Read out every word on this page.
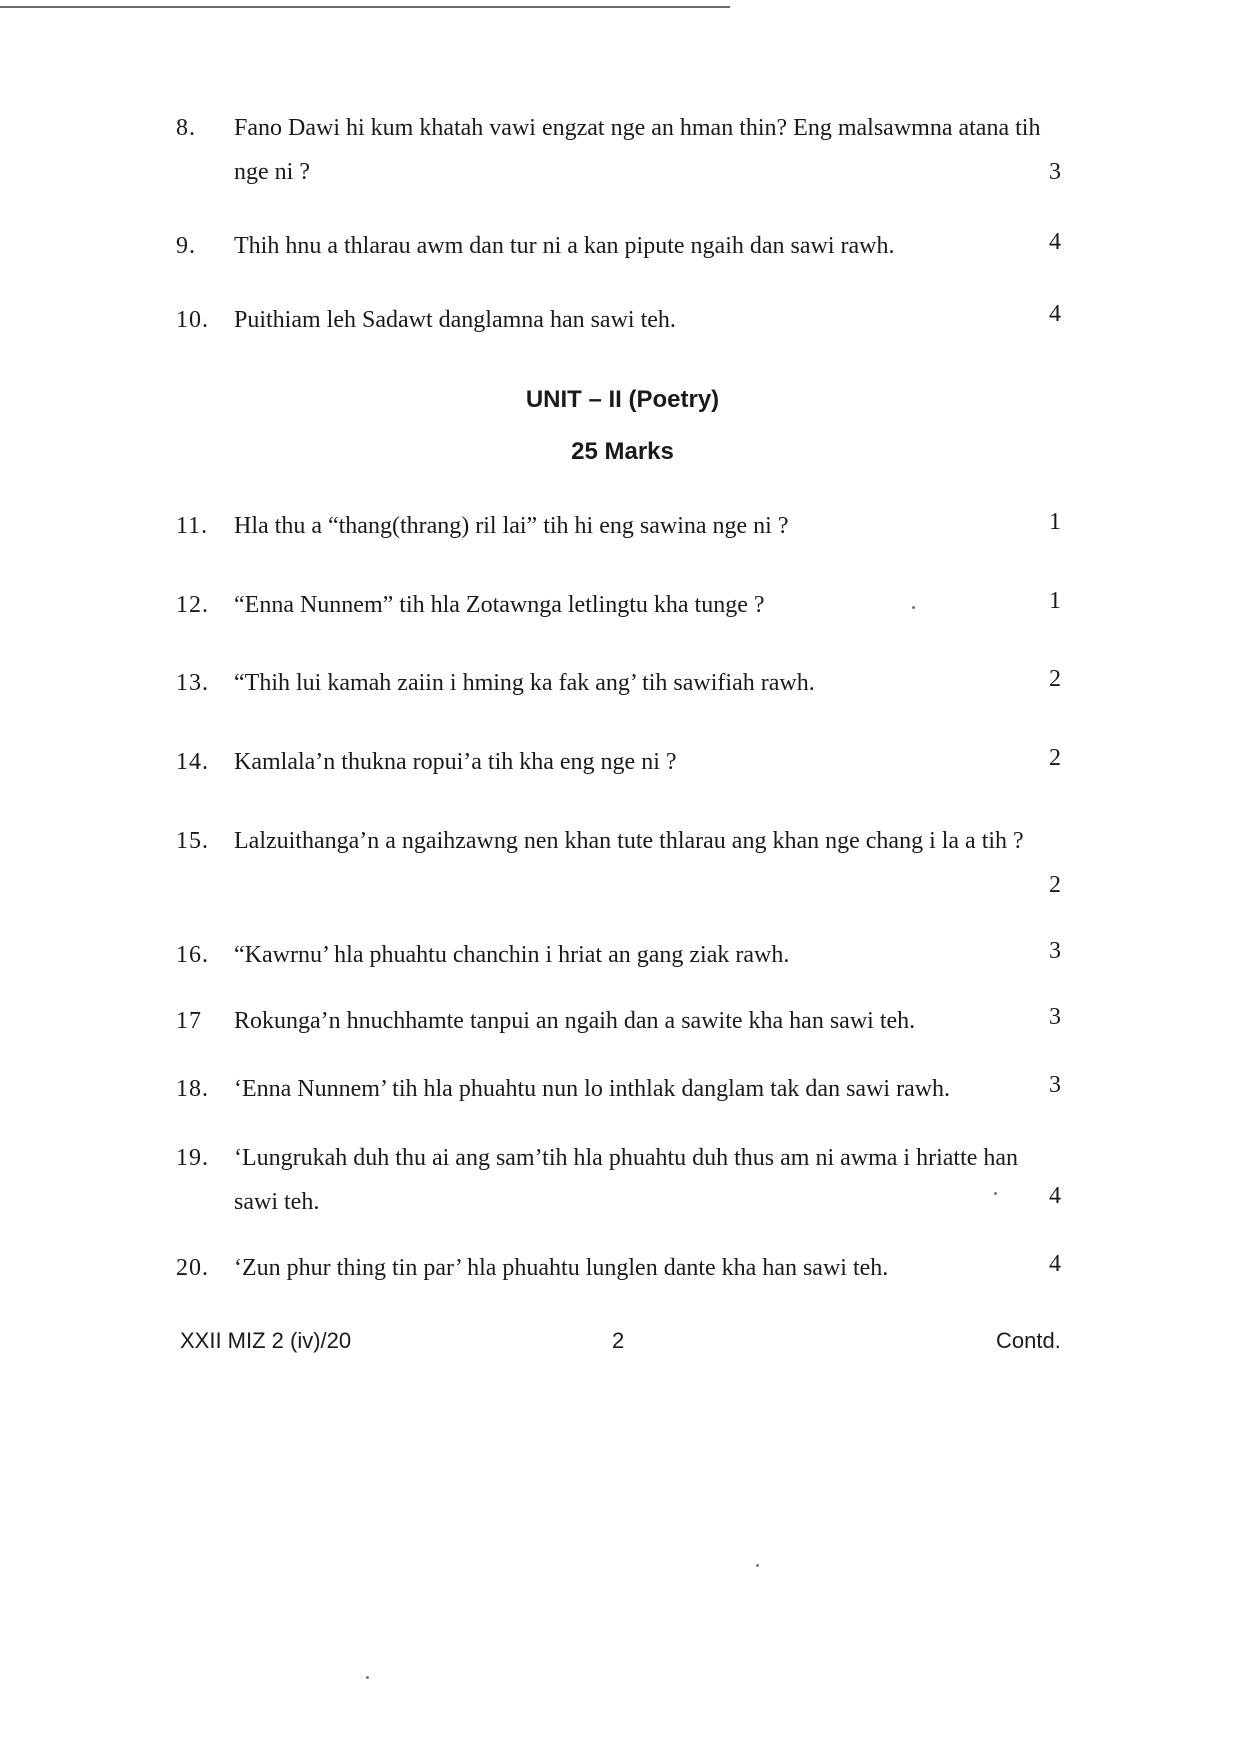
8. Fano Dawi hi kum khatah vawi engzat nge an hman thin? Eng malsawmna atana tih
nge ni ?	3
9. Thih hnu a thlarau awm dan tur ni a kan pipute ngaih dan sawi rawh.	4
10. Puithiam leh Sadawt danglamna han sawi teh.	4
UNIT – II (Poetry)
25 Marks
11. Hla thu a “thang(thrang) ril lai” tih hi eng sawina nge ni ?	1
12. “Enna Nunnem” tih hla Zotawnga letlingtu kha tunge ?	1
13. “Thih lui kamah zaiin i hming ka fak ang’ tih sawifiah rawh.	2
14. Kamlala’n thukna ropui’a tih kha eng nge ni ?	2
15. Lalzuithanga’n a ngaihzawng nen khan tute thlarau ang khan nge chang i la a tih ?
2
16. “Kawrnu’ hla phuahtu chanchin i hriat an gang ziak rawh.	3
17 Rokunga’n hnuchhamte tanpui an ngaih dan a sawite kha han sawi teh.	3
18. ‘Enna Nunnem’ tih hla phuahtu nun lo inthlak danglam tak dan sawi rawh.	3
19. ‘Lungrukah duh thu ai ang sam’tih hla phuahtu duh thus am ni awma i hriatte han
sawi teh.	4
20. ‘Zun phur thing tin par’ hla phuahtu lunglen dante kha han sawi teh.	4
XXII MIZ 2 (iv)/20	2	Contd.
